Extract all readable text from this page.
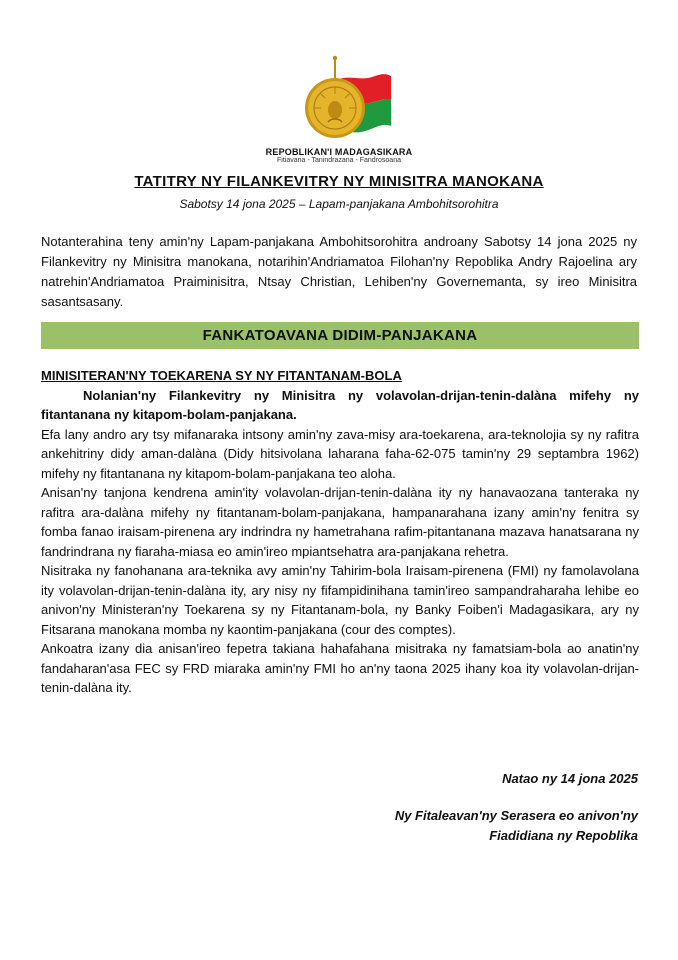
REPOBLIKAN'I MADAGASIKARA
Fitiavana - Tanindrazana - Fandrosoana
TATITRY NY FILANKEVITRY NY MINISITRA MANOKANA
Sabotsy 14 jona 2025 – Lapam-panjakana Ambohitsorohitra
Notanterahina teny amin'ny Lapam-panjakana Ambohitsorohitra androany Sabotsy 14 jona 2025 ny Filankevitry ny Minisitra manokana, notarihin'Andriamatoa Filohan'ny Repoblika Andry Rajoelina ary natrehin'Andriamatoa Praiminisitra, Ntsay Christian, Lehiben'ny Governemanta, sy ireo Minisitra sasantsasany.
FANKATOAVANA DIDIM-PANJAKANA
MINISITERAN'NY TOEKARENA SY NY FITANTANAM-BOLA
Nolanian'ny Filankevitry ny Minisitra ny volavolan-drijan-tenin-dalàna mifehy ny fitantanana ny kitapom-bolam-panjakana.
Efa lany andro ary tsy mifanaraka intsony amin'ny zava-misy ara-toekarena, ara-teknolojia sy ny rafitra ankehitriny didy aman-dalàna (Didy hitsivolana laharana faha-62-075 tamin'ny 29 septambra 1962) mifehy ny fitantanana ny kitapom-bolam-panjakana teo aloha.
Anisan'ny tanjona kendrena amin'ity volavolan-drijan-tenin-dalàna ity ny hanavaozana tanteraka ny rafitra ara-dalàna mifehy ny fitantanam-bolam-panjakana, hampanarahana izany amin'ny fenitra sy fomba fanao iraisam-pirenena ary indrindra ny hametrahana rafim-pitantanana mazava hanatsarana ny fandrindrana ny fiaraha-miasa eo amin'ireo mpiantsehatra ara-panjakana rehetra.
Nisitraka ny fanohanana ara-teknika avy amin'ny Tahirim-bola Iraisam-pirenena (FMI) ny famolavolana ity volavolan-drijan-tenin-dalàna ity, ary nisy ny fifampidinihana tamin'ireo sampandraharaha lehibe eo anivon'ny Ministeran'ny Toekarena sy ny Fitantanam-bola, ny Banky Foiben'i Madagasikara, ary ny Fitsarana manokana momba ny kaontim-panjakana (cour des comptes).
Ankoatra izany dia anisan'ireo fepetra takiana hahafahana misitraka ny famatsiam-bola ao anatin'ny fandaharan'asa FEC sy FRD miaraka amin'ny FMI ho an'ny taona 2025 ihany koa ity volavolan-drijan-tenin-dalàna ity.
Natao ny 14 jona 2025
Ny Fitaleavan'ny Serasera eo anivon'ny
Fiadidiana ny Repoblika
